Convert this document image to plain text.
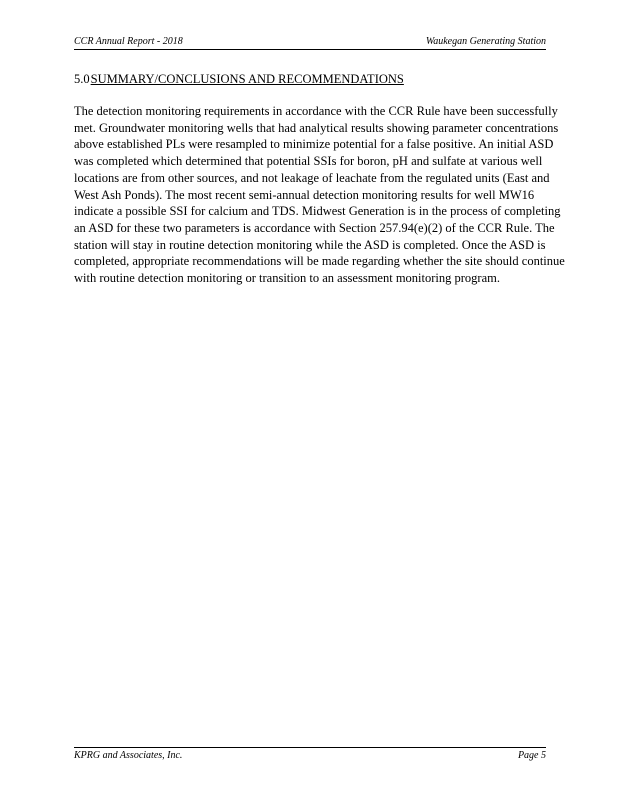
CCR Annual Report - 2018	Waukegan Generating Station
5.0SUMMARY/CONCLUSIONS AND RECOMMENDATIONS
The detection monitoring requirements in accordance with the CCR Rule have been successfully
met. Groundwater monitoring wells that had analytical results showing parameter concentrations
above established PLs were resampled to minimize potential for a false positive. An initial ASD
was completed which determined that potential SSIs for boron, pH and sulfate at various well
locations are from other sources, and not leakage of leachate from the regulated units (East and
West Ash Ponds). The most recent semi-annual detection monitoring results for well MW16
indicate a possible SSI for calcium and TDS. Midwest Generation is in the process of completing
an ASD for these two parameters is accordance with Section 257.94(e)(2) of the CCR Rule. The
station will stay in routine detection monitoring while the ASD is completed. Once the ASD is
completed, appropriate recommendations will be made regarding whether the site should continue
with routine detection monitoring or transition to an assessment monitoring program.
KPRG and Associates, Inc.	Page 5
